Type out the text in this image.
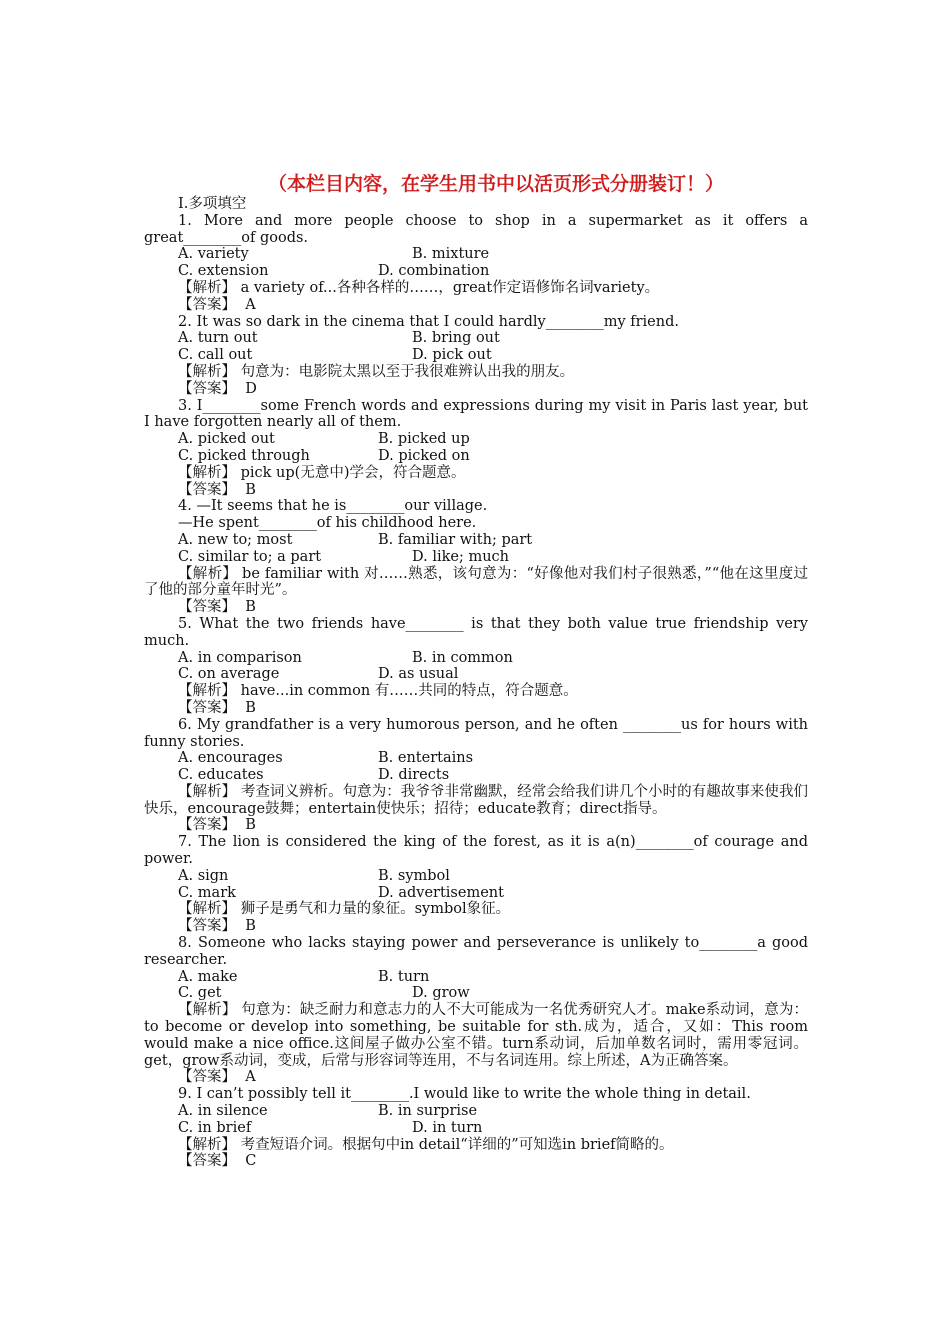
（本栏目内容，在学生用书中以活页形式分册装订！）
Ⅰ.多项填空
1. More and more people choose to shop in a supermarket as it offers a great________of goods.
A. variety	B. mixture
C. extension	D. combination
【解析】 a variety of...各种各样的……，great作定语修饰名词variety。
【答案】  A
2. It was so dark in the cinema that I could hardly________my friend.
A. turn out	B. bring out
C. call out	D. pick out
【解析】 句意为：电影院太黑以至于我很难辨认出我的朋友。
【答案】  D
3. I________some French words and expressions during my visit in Paris last year, but I have forgotten nearly all of them.
A. picked out	B. picked up
C. picked through	D. picked on
【解析】 pick up(无意中)学会，符合题意。
【答案】  B
4. —It seems that he is________our village.
—He spent________of his childhood here.
A. new to; most	B. familiar with; part
C. similar to; a part	D. like; much
【解析】 be familiar with 对……熟悉，该句意为：“好像他对我们村子很熟悉，”“他在这里度过了他的部分童年时光”。
【答案】  B
5. What the two friends have________ is that they both value true friendship very much.
A. in comparison	B. in common
C. on average	D. as usual
【解析】 have...in common 有……共同的特点，符合题意。
【答案】  B
6. My grandfather is a very humorous person, and he often ________us for hours with funny stories.
A. encourages	B. entertains
C. educates	D. directs
【解析】 考查词义辨析。句意为：我爷爷非常幽默，经常会给我们讲几个小时的有趣故事来使我们快乐，encourage鼓舞；entertain使快乐；招待；educate教育；direct指导。
【答案】  B
7. The lion is considered the king of the forest, as it is a(n)________of courage and power.
A. sign	B. symbol
C. mark	D. advertisement
【解析】 狮子是勇气和力量的象征。symbol象征。
【答案】  B
8. Someone who lacks staying power and perseverance is unlikely to________a good researcher.
A. make	B. turn
C. get	D. grow
【解析】 句意为：缺乏耐力和意志力的人不大可能成为一名优秀研究人才。make系动词，意为：to become or develop into something, be suitable for sth.成为，适合，又如：This room would make a nice office.这间屋子做办公室不错。turn系动词，后加单数名词时，需用零冠词。get，grow系动词，变成，后常与形容词等连用，不与名词连用。综上所述，A为正确答案。
【答案】  A
9. I can’t possibly tell it________.I would like to write the whole thing in detail.
A. in silence	B. in surprise
C. in brief	D. in turn
【解析】 考查短语介词。根据句中in detail“详细的”可知选in brief简略的。
【答案】  C
